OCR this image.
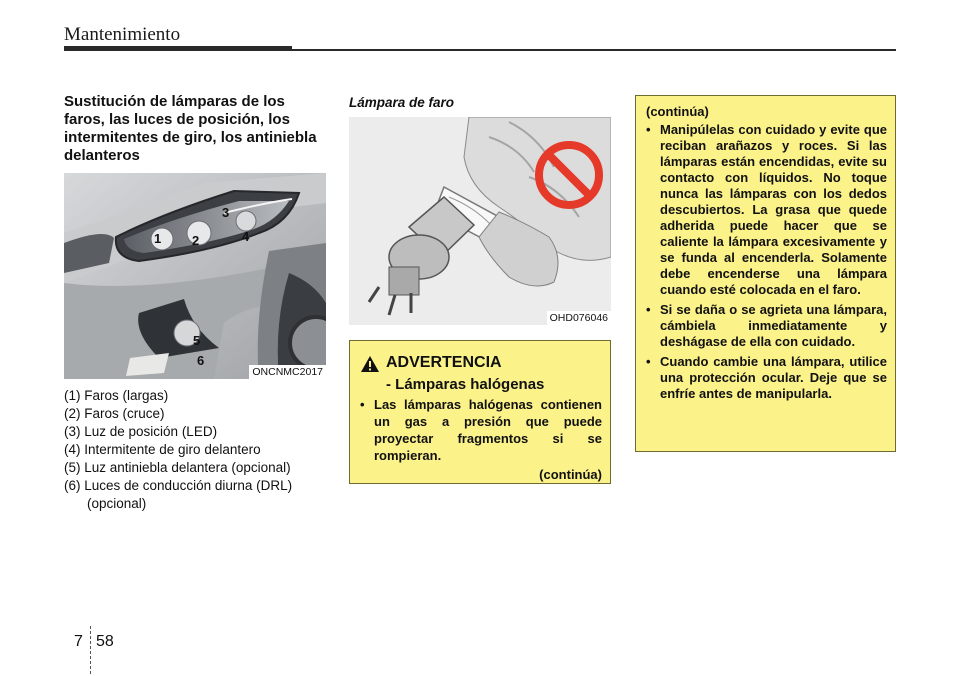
Mantenimiento
Sustitución de lámparas de los faros, las luces de posición, los intermitentes de giro, los antiniebla delanteros
1 2
3
4
5
6
ONCNMC2017
(1) Faros (largas)
(2) Faros (cruce)
(3) Luz de posición (LED)
(4) Intermitente de giro delantero
(5) Luz antiniebla delantera (opcional)
(6) Luces de conducción diurna (DRL) (opcional)
Lámpara de faro
OHD076046
ADVERTENCIA
- Lámparas halógenas
• Las lámparas halógenas contienen un gas a presión que puede proyectar fragmentos si se rompieran.
(continúa)
(continúa)
• Manipúlelas con cuidado y evite que reciban arañazos y roces. Si las lámparas están encendidas, evite su contacto con líquidos. No toque nunca las lámparas con los dedos descubiertos. La grasa que quede adherida puede hacer que se caliente la lámpara excesivamente y se funda al encenderla. Solamente debe encenderse una lámpara cuando esté colocada en el faro.
• Si se daña o se agrieta una lámpara, cámbiela inmediatamente y deshágase de ella con cuidado.
• Cuando cambie una lámpara, utilice una protección ocular. Deje que se enfríe antes de manipularla.
7 58
